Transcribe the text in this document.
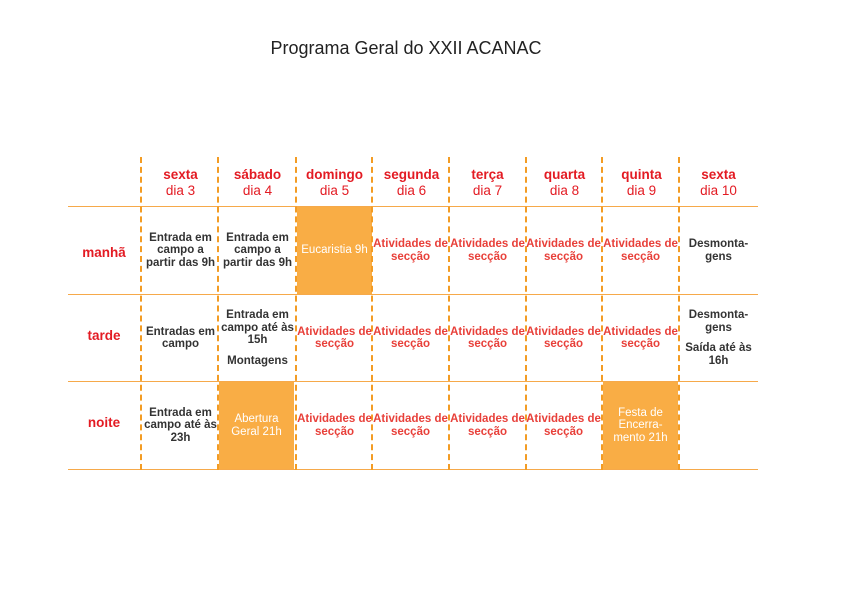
Programa Geral do XXII ACANAC
Eucaristia 9h
Abertura Geral 21h
Festa de Encerra- mento 21h
sexta
dia 3
sábado
dia 4
domingo
dia 5
segunda
dia 6
terça
dia 7
quarta
dia 8
quinta
dia 9
sexta
dia 10
manhã
tarde
noite
Entrada em campo a partir das 9h
Entrada em campo a partir das 9h
Atividades de secção
Atividades de secção
Atividades de secção
Atividades de secção
Desmonta- gens
Entradas em campo
Entrada em campo até às 15h
Montagens
Atividades de secção
Atividades de secção
Atividades de secção
Atividades de secção
Atividades de secção
Desmonta- gens
Saída até às 16h
Entrada em campo até às 23h
Atividades de secção
Atividades de secção
Atividades de secção
Atividades de secção
